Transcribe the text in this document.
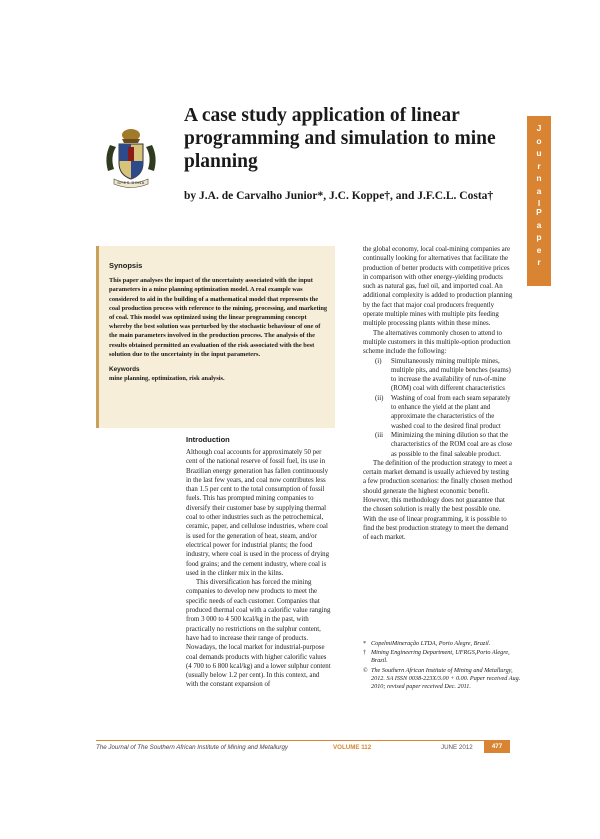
SPES BONA
A case study application of linear programming and simulation to mine planning
by J.A. de Carvalho Junior*, J.C. Koppe†, and J.F.C.L. Costa†
J
o
u
r
n
a
l
P
a
p
e
r
Synopsis
This paper analyses the impact of the uncertainty associated with the input parameters in a mine planning optimization model. A real example was considered to aid in the building of a mathematical model that represents the coal production process with reference to the mining, processing, and marketing of coal. This model was optimized using the linear programming concept whereby the best solution was perturbed by the stochastic behaviour of one of the main parameters involved in the production process. The analysis of the results obtained permitted an evaluation of the risk associated with the best solution due to the uncertainty in the input parameters.
Keywords
mine planning, optimization, risk analysis.
Introduction

Although coal accounts for approximately 50 per cent of the national reserve of fossil fuel, its use in Brazilian energy generation has fallen continuously in the last few years, and coal now contributes less than 1.5 per cent to the total consumption of fossil fuels. This has prompted mining companies to diversify their customer base by supplying thermal coal to other industries such as the petrochemical, ceramic, paper, and cellulose industries, where coal is used for the generation of heat, steam, and/or electrical power for industrial plants; the food industry, where coal is used in the process of drying food grains; and the cement industry, where coal is used in the clinker mix in the kilns.

This diversification has forced the mining companies to develop new products to meet the specific needs of each customer. Companies that produced thermal coal with a calorific value ranging from 3 000 to 4 500 kcal/kg in the past, with practically no restrictions on the sulphur content, have had to increase their range of products. Nowadays, the local market for industrial-purpose coal demands products with higher calorific values (4 700 to 6 800 kcal/kg) and a lower sulphur content (usually below 1.2 per cent). In this context, and with the constant expansion of

the global economy, local coal-mining companies are continually looking for alternatives that facilitate the production of better products with competitive prices in comparison with other energy-yielding products such as natural gas, fuel oil, and imported coal. An additional complexity is added to production planning by the fact that major coal producers frequently operate multiple mines with multiple pits feeding multiple processing plants within these mines.

The alternatives commonly chosen to attend to multiple customers in this multiple-option production scheme include the following:

(i) Simultaneously mining multiple mines, multiple pits, and multiple benches (seams) to increase the availability of run-of-mine (ROM) coal with different characteristics
(ii) Washing of coal from each seam separately to enhance the yield at the plant and approximate the characteristics of the washed coal to the desired final product
(iii Minimizing the mining dilution so that the characteristics of the ROM coal are as close as possible to the final saleable product.

The definition of the production strategy to meet a certain market demand is usually achieved by testing a few production scenarios: the finally chosen method should generate the highest economic benefit. However, this methodology does not guarantee that the chosen solution is really the best possible one. With the use of linear programming, it is possible to find the best production strategy to meet the demand of each market.

* CopelmiMineração LTDA, Porto Alegre, Brazil.
† Mining Engineering Department, UFRGS,Porto Alegre, Brazil.
© The Southern African Institute of Mining and Metallurgy, 2012. SA ISSN 0038-223X/3.00 + 0.00. Paper received Aug. 2010; revised paper received Dec. 2011.
The Journal of The Southern African Institute of Mining and Metallurgy	VOLUME 112	JUNE 2012	477
